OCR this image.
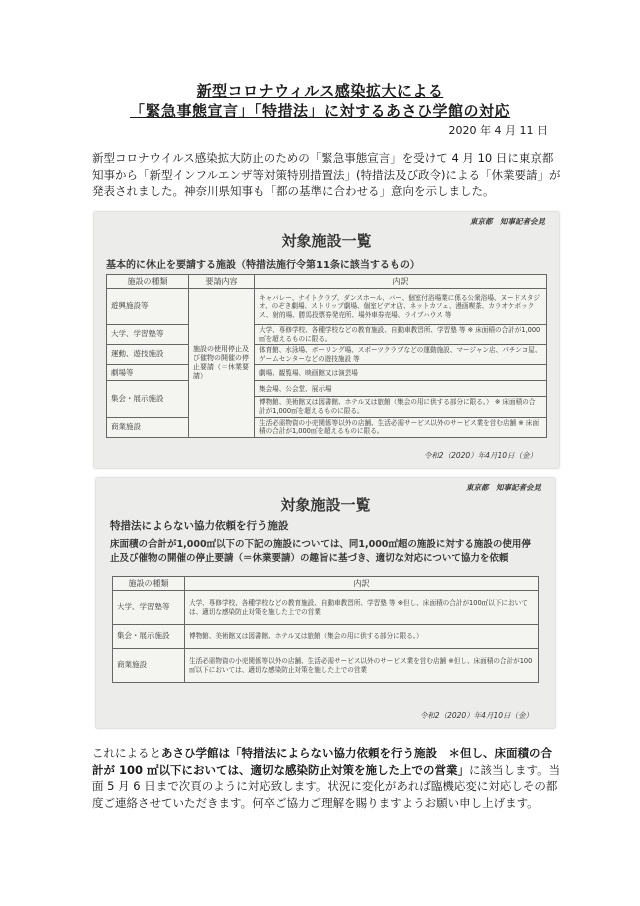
新型コロナウィルス感染拡大による
「緊急事態宣言」「特措法」に対するあさひ学館の対応
2020 年 4 月 11 日
新型コロナウイルス感染拡大防止のための「緊急事態宣言」を受けて 4 月 10 日に東京都知事から「新型インフルエンザ等対策特別措置法」(特措法及び政令)による「休業要請」が発表されました。神奈川県知事も「都の基準に合わせる」意向を示しました。
東京都　知事記者会見
対象施設一覧
基本的に休止を要請する施設（特措法施行令第11条に該当するもの）
施設の種類	要請内容	内訳
遊興施設等	施設の使用停止及び催物の開催の停止要請（＝休業要請）	キャバレー、ナイトクラブ、ダンスホール、バー、個室付浴場業に係る公衆浴場、ヌードスタジオ、のぞき劇場、ストリップ劇場、個室ビデオ店、ネットカフェ、漫画喫茶、カラオケボックス、射的場、勝馬投票券発売所、場外車券売場、ライブハウス 等
大学、学習塾等		大学、専修学校、各種学校などの教育施設、自動車教習所、学習塾 等 ※ 床面積の合計が1,000㎡を超えるものに限る。
運動、遊技施設		体育館、水泳場、ボーリング場、スポーツクラブなどの運動施設、マージャン店、パチンコ屋、ゲームセンターなどの遊技施設 等
劇場等		劇場、観覧場、映画館又は演芸場
集会・展示施設		集会場、公会堂、展示場
		博物館、美術館又は図書館、ホテル又は旅館（集会の用に供する部分に限る。） ※ 床面積の合計が1,000㎡を超えるものに限る。
商業施設		生活必需物資の小売関係等以外の店舗、生活必需サービス以外のサービス業を営む店舗 ※ 床面積の合計が1,000㎡を超えるものに限る。
令和2（2020）年4月10日（金）
東京都　知事記者会見
対象施設一覧
特措法によらない協力依頼を行う施設
床面積の合計が1,000㎡以下の下記の施設については、同1,000㎡超の施設に対する施設の使用停止及び催物の開催の停止要請（＝休業要請）の趣旨に基づき、適切な対応について協力を依頼
施設の種類	内訳
大学、学習塾等	大学、専修学校、各種学校などの教育施設、自動車教習所、学習塾 等 ※但し、床面積の合計が100㎡以下においては、適切な感染防止対策を施した上での営業
集会・展示施設	博物館、美術館又は図書館、ホテル又は旅館（集会の用に供する部分に限る。）
商業施設	生活必需物資の小売関係等以外の店舗、生活必需サービス以外のサービス業を営む店舗 ※但し、床面積の合計が100㎡以下においては、適切な感染防止対策を施した上での営業
令和2（2020）年4月10日（金）
これによるとあさひ学館は「特措法によらない協力依頼を行う施設　＊但し、床面積の合計が 100 ㎡以下においては、適切な感染防止対策を施した上での営業」に該当します。当面 5 月 6 日まで次頁のように対応致します。状況に変化があれば臨機応変に対応しその都度ご連絡させていただきます。何卒ご協力ご理解を賜りますようお願い申し上げます。
